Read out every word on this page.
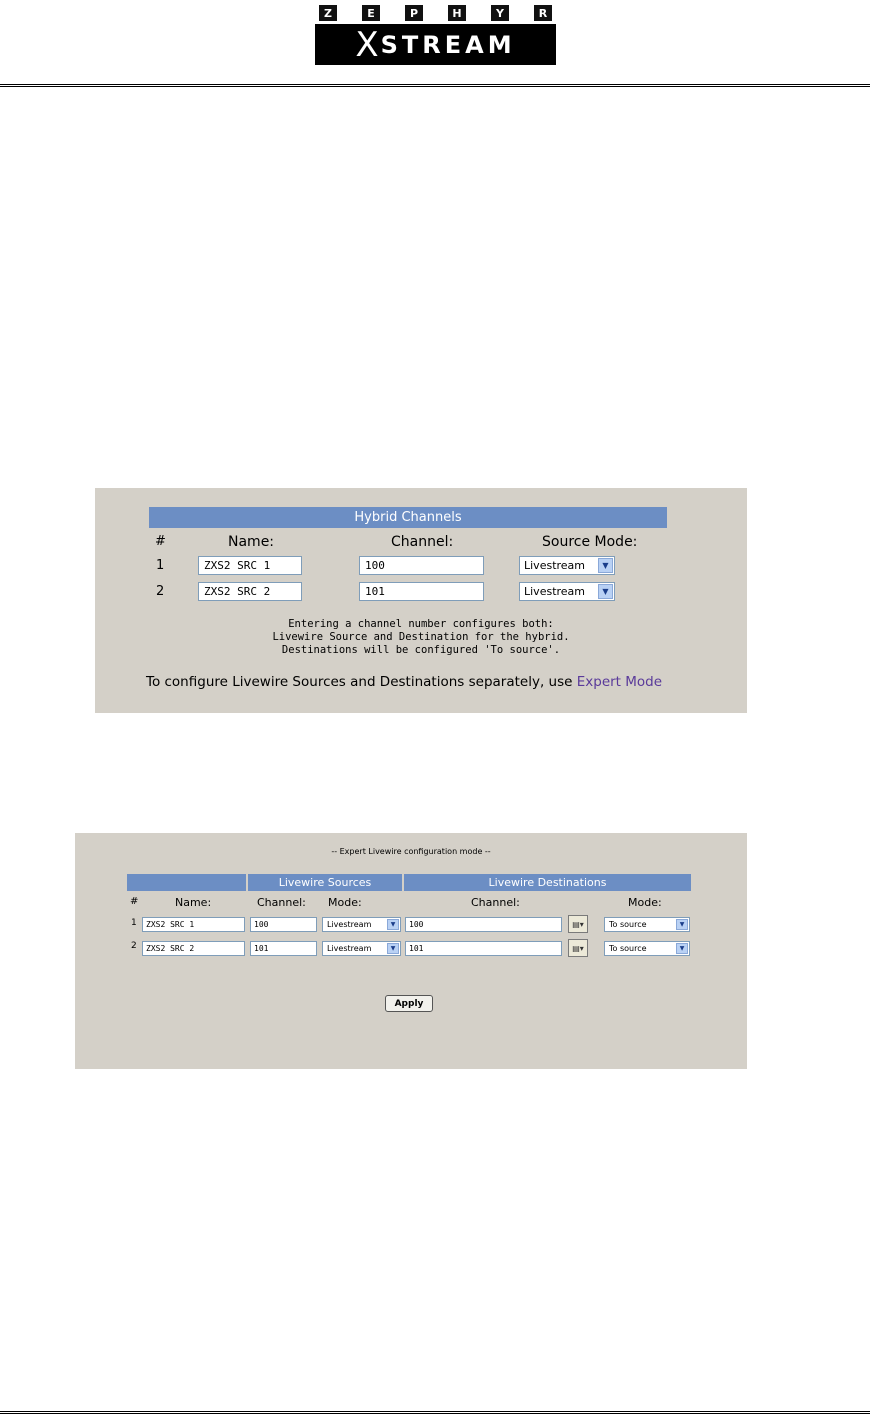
Z	E	P	H	Y	R
X STREAM
Hybrid Channels
#	Name:	Channel:	Source Mode:
1	ZXS2 SRC 1	100	Livestream	▼
2	ZXS2 SRC 2	101	Livestream	▼
Entering a channel number configures both:
Livewire Source and Destination for the hybrid.
Destinations will be configured 'To source'.
To configure Livewire Sources and Destinations separately, use Expert Mode
-- Expert Livewire configuration mode --
Livewire Sources	Livewire Destinations
#	Name:	Channel: Mode:	Channel:	Mode:
1	ZXS2 SRC 1	100	Livestream	▼	100	▤▾	To source	▼
2	ZXS2 SRC 2	101	Livestream	▼	101	▤▾	To source	▼
Apply
